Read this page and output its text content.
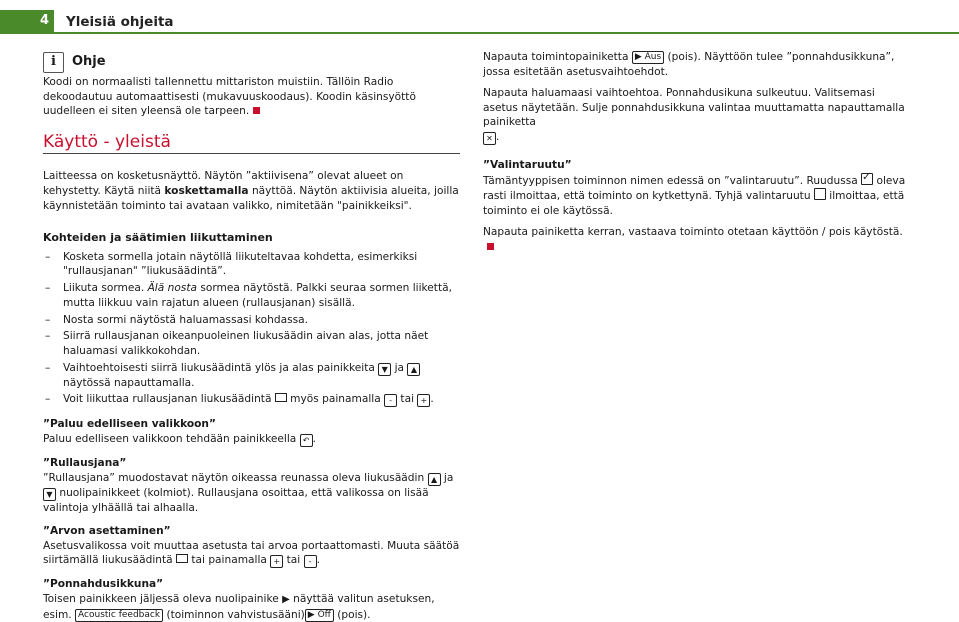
4 Yleisiä ohjeita
i	Ohje

Koodi on normaalisti tallennettu mittariston muistiin. Tällöin Radio dekoodautuu automaattisesti (mukavuuskoodaus). Koodin käsinsyöttö uudelleen ei siten yleensä ole tarpeen.

Käyttö - yleistä

Laitteessa on kosketusnäyttö. Näytön ”aktiivisena” olevat alueet on kehystetty. Käytä niitä koskettamalla näyttöä. Näytön aktiivisia alueita, joilla käynnistetään toiminto tai avataan valikko, nimitetään "painikkeiksi".

Kohteiden ja säätimien liikuttaminen
– Kosketa sormella jotain näytöllä liikuteltavaa kohdetta, esimerkiksi "rullausjanan" ”liukusäädintä”.
– Liikuta sormea. Älä nosta sormea näytöstä. Palkki seuraa sormen liikettä, mutta liikkuu vain rajatun alueen (rullausjanan) sisällä.
– Nosta sormi näytöstä haluamassasi kohdassa.
– Siirrä rullausjanan oikeanpuoleinen liukusäädin aivan alas, jotta näet haluamasi valikkokohdan.
– Vaihtoehtoisesti siirrä liukusäädintä ylös ja alas painikkeita ▼ ja ▲ näytössä napauttamalla.
– Voit liikuttaa rullausjanan liukusäädintä  myös painamalla - tai + .

”Paluu edelliseen valikkoon”

Paluu edelliseen valikkoon tehdään painikkeella ↶ .

”Rullausjana”

”Rullausjana” muodostavat näytön oikeassa reunassa oleva liukusäädin ▲ ja ▼ nuolipainikkeet (kolmiot). Rullausjana osoittaa, että valikossa on lisää valintoja ylhäällä tai alhaalla.

”Arvon asettaminen”

Asetusvalikossa voit muuttaa asetusta tai arvoa portaattomasti. Muuta säätöä siirtämällä liukusäädintä  tai painamalla + tai - .

”Ponnahdusikkuna”

Toisen painikkeen jäljessä oleva nuolipainike ▶ näyttää valitun asetuksen, esim. Acoustic feedback (toiminnon vahvistusääni) ▶ Off (pois).

Napauta toimintopainiketta ▶ Aus (pois). Näyttöön tulee ”ponnahdusikkuna”, jossa esitetään asetusvaihtoehdot.

Napauta haluamaasi vaihtoehtoa. Ponnahdusikuna sulkeutuu. Valitsemasi asetus näytetään. Sulje ponnahdusikkuna valintaa muuttamatta napauttamalla painiketta
✕ .

”Valintaruutu”

Tämäntyyppisen toiminnon nimen edessä on ”valintaruutu”. Ruudussa ✓ oleva rasti ilmoittaa, että toiminto on kytkettynä. Tyhjä valintaruutu  ilmoittaa, että toiminto ei ole käytössä.

Napauta painiketta kerran, vastaava toiminto otetaan käyttöön / pois käytöstä.
